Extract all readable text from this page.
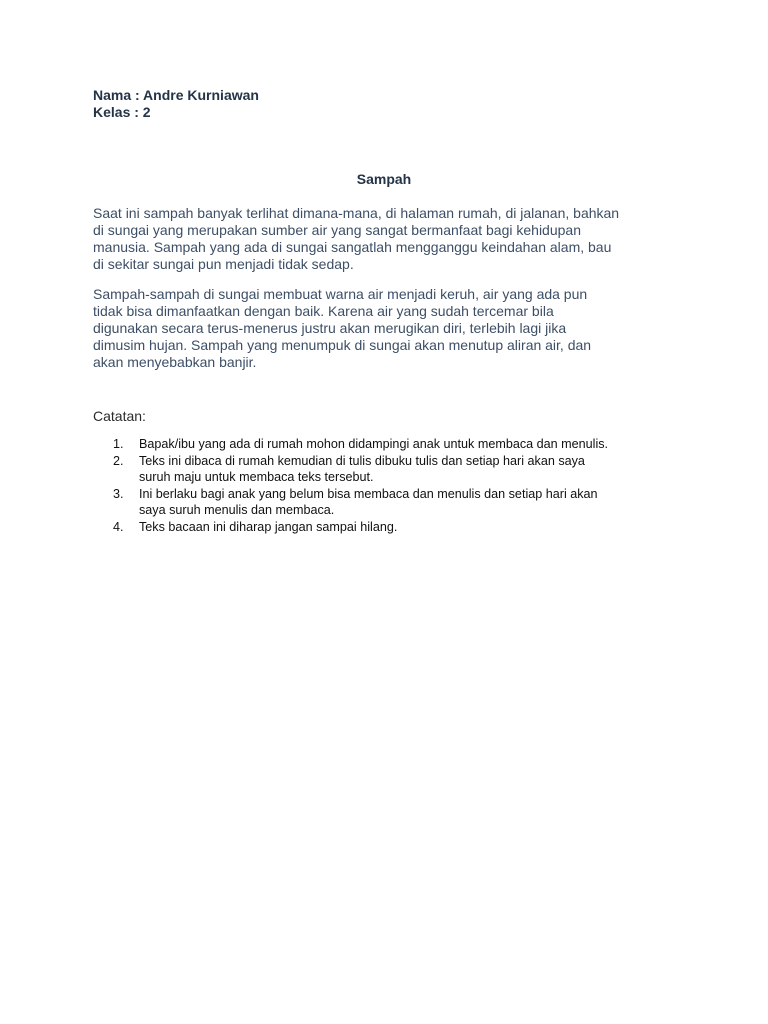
Nama : Andre Kurniawan
Kelas : 2
Sampah
Saat ini sampah banyak terlihat dimana-mana, di halaman rumah, di jalanan, bahkan
di sungai yang merupakan sumber air yang sangat bermanfaat bagi kehidupan
manusia. Sampah yang ada di sungai sangatlah mengganggu keindahan alam, bau
di sekitar sungai pun menjadi tidak sedap.
Sampah-sampah di sungai membuat warna air menjadi keruh, air yang ada pun
tidak bisa dimanfaatkan dengan baik. Karena air yang sudah tercemar bila
digunakan secara terus-menerus justru akan merugikan diri, terlebih lagi jika
dimusim hujan. Sampah yang menumpuk di sungai akan menutup aliran air, dan
akan menyebabkan banjir.
Catatan:
1. Bapak/ibu yang ada di rumah mohon didampingi anak untuk membaca dan menulis.
2. Teks ini dibaca di rumah kemudian di tulis dibuku tulis dan setiap hari akan saya
suruh maju untuk membaca teks tersebut.
3. Ini berlaku bagi anak yang belum bisa membaca dan menulis dan setiap hari akan
saya suruh menulis dan membaca.
4. Teks bacaan ini diharap jangan sampai hilang.
